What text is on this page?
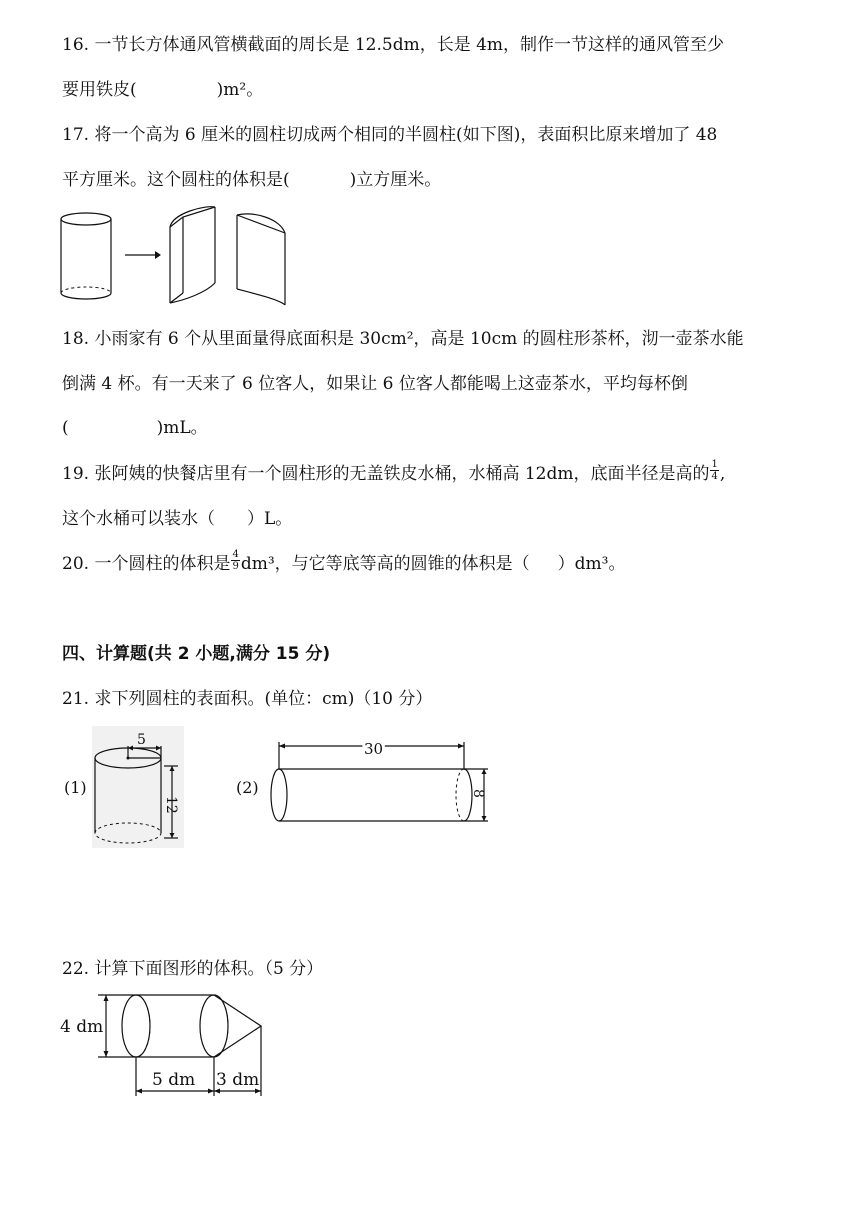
16. 一节长方体通风管横截面的周长是 12.5dm，长是 4m，制作一节这样的通风管至少
要用铁皮(	)m²。
17. 将一个高为 6 厘米的圆柱切成两个相同的半圆柱(如下图)，表面积比原来增加了 48
平方厘米。这个圆柱的体积是(	)立方厘米。
18. 小雨家有 6 个从里面量得底面积是 30cm²，高是 10cm 的圆柱形茶杯，沏一壶茶水能
倒满 4 杯。有一天来了 6 位客人，如果让 6 位客人都能喝上这壶茶水，平均每杯倒
(	)mL。
19. 张阿姨的快餐店里有一个圆柱形的无盖铁皮水桶，水桶高 12dm，底面半径是高的 $\frac{1}{4}$ ,
这个水桶可以装水（ ）L。
20. 一个圆柱的体积是 $\frac{4}{9} dm^3$，与它等底等高的圆锥的体积是（ ）dm³。
四、计算题(共 2 小题,满分 15 分)
21. 求下列圆柱的表面积。(单位：cm)（10 分）
(1)
5
12
(2)
30
8
22. 计算下面图形的体积。（5 分）
4 dm
5 dm 3 dm
